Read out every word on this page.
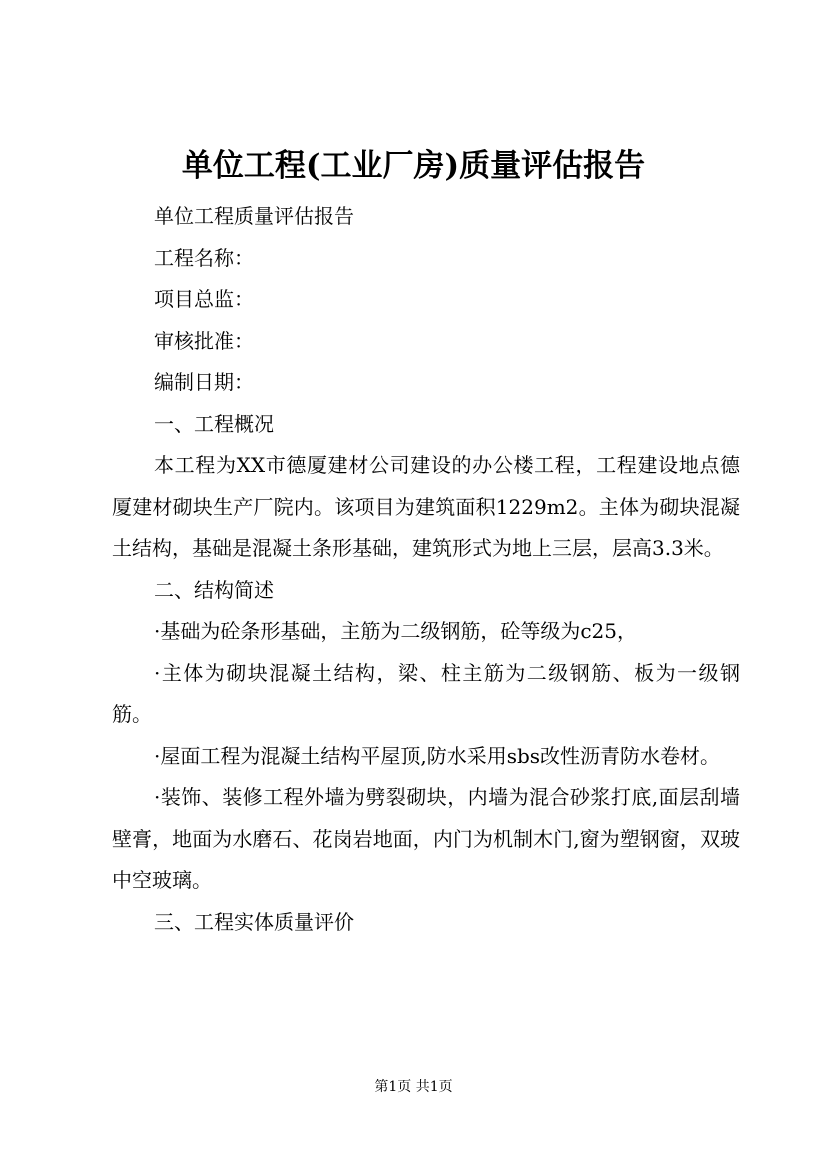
单位工程(工业厂房)质量评估报告

单位工程质量评估报告

工程名称：

项目总监：

审核批准：

编制日期：

一、工程概况

本工程为XX市德厦建材公司建设的办公楼工程，工程建设地点德厦建材砌块生产厂院内。该项目为建筑面积1229m2。主体为砌块混凝土结构，基础是混凝土条形基础，建筑形式为地上三层，层高3.3米。

二、结构简述

·基础为砼条形基础，主筋为二级钢筋，砼等级为c25，

·主体为砌块混凝土结构，梁、柱主筋为二级钢筋、板为一级钢筋。

·屋面工程为混凝土结构平屋顶,防水采用sbs改性沥青防水卷材。

·装饰、装修工程外墙为劈裂砌块，内墙为混合砂浆打底,面层刮墙壁膏，地面为水磨石、花岗岩地面，内门为机制木门,窗为塑钢窗，双玻中空玻璃。

三、工程实体质量评价

第1页 共1页
